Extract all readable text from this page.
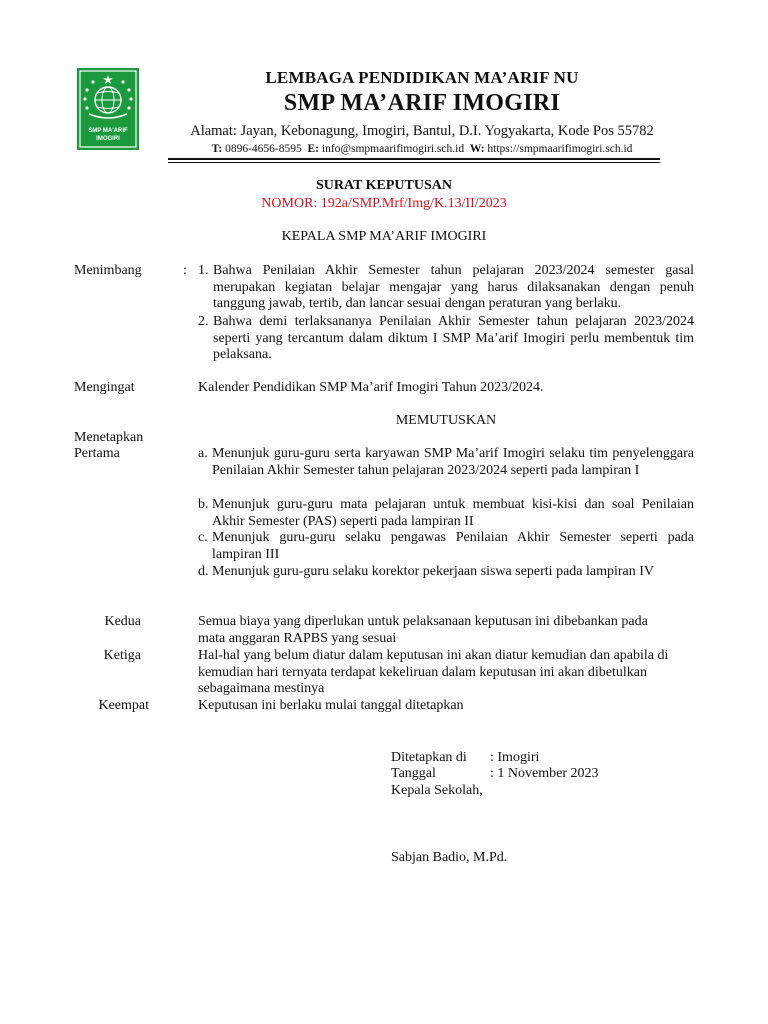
SMP MA'ARIF
IMOGIRI
LEMBAGA PENDIDIKAN MA’ARIF NU
SMP MA’ARIF IMOGIRI
Alamat: Jayan, Kebonagung, Imogiri, Bantul, D.I. Yogyakarta, Kode Pos 55782
T: 0896-4656-8595 E: info@smpmaarifimogiri.sch.id W: https://smpmaarifimogiri.sch.id
SURAT KEPUTUSAN
NOMOR: 192a/SMP.Mrf/Img/K.13/II/2023
KEPALA SMP MA’ARIF IMOGIRI
Menimbang	: 1. Bahwa Penilaian Akhir Semester tahun pelajaran 2023/2024 semester gasal merupakan kegiatan belajar mengajar yang harus dilaksanakan dengan penuh tanggung jawab, tertib, dan lancar sesuai dengan peraturan yang berlaku.
2. Bahwa demi terlaksananya Penilaian Akhir Semester tahun pelajaran 2023/2024 seperti yang tercantum dalam diktum I SMP Ma’arif Imogiri perlu membentuk tim pelaksana.
Mengingat	Kalender Pendidikan SMP Ma’arif Imogiri Tahun 2023/2024.
MEMUTUSKAN
Menetapkan
Pertama	a. Menunjuk guru-guru serta karyawan SMP Ma’arif Imogiri selaku tim penyelenggara Penilaian Akhir Semester tahun pelajaran 2023/2024 seperti pada lampiran I
b. Menunjuk guru-guru mata pelajaran untuk membuat kisi-kisi dan soal Penilaian Akhir Semester (PAS) seperti pada lampiran II
c. Menunjuk guru-guru selaku pengawas Penilaian Akhir Semester seperti pada lampiran III
d. Menunjuk guru-guru selaku korektor pekerjaan siswa seperti pada lampiran IV
Kedua	Semua biaya yang diperlukan untuk pelaksanaan keputusan ini dibebankan pada mata anggaran RAPBS yang sesuai
Ketiga	Hal-hal yang belum diatur dalam keputusan ini akan diatur kemudian dan apabila di kemudian hari ternyata terdapat kekeliruan dalam keputusan ini akan dibetulkan sebagaimana mestinya
Keempat	Keputusan ini berlaku mulai tanggal ditetapkan
Ditetapkan di : Imogiri
Tanggal	: 1 November 2023
Kepala Sekolah,
Sabjan Badio, M.Pd.
